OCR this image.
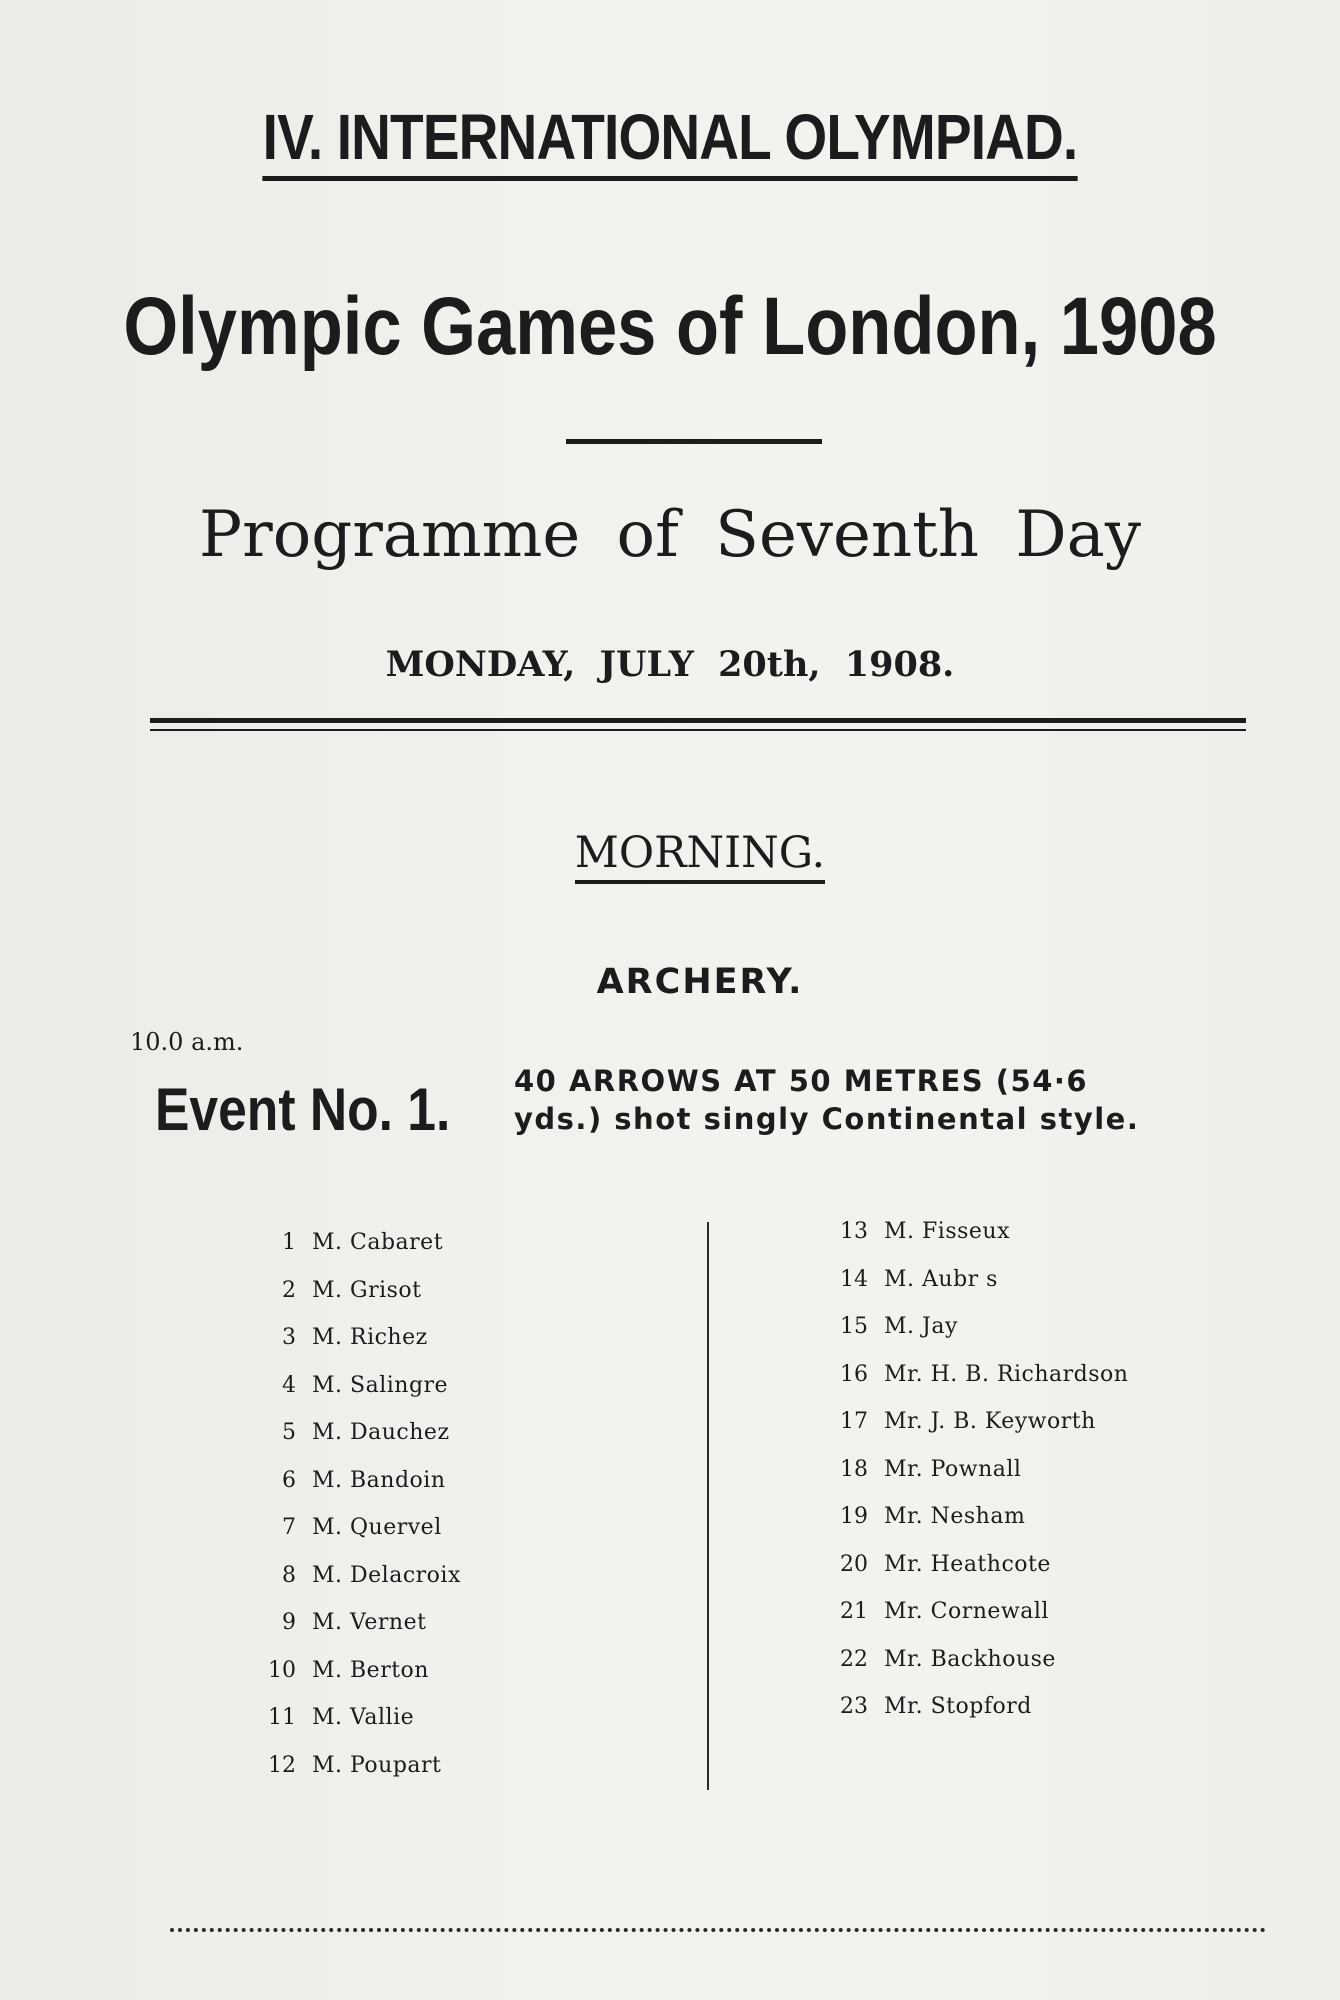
IV. INTERNATIONAL OLYMPIAD.
Olympic Games of London, 1908
Programme of Seventh Day
MONDAY, JULY 20th, 1908.
MORNING.
ARCHERY.
10.0 a.m.
Event No. 1. 40 ARROWS AT 50 METRES (54·6
yds.) shot singly Continental style.
1 M. Cabaret
2 M. Grisot
3 M. Richez
4 M. Salingre
5 M. Dauchez
6 M. Bandoin
7 M. Quervel
8 M. Delacroix
9 M. Vernet
10 M. Berton
11 M. Vallie
12 M. Poupart
13 M. Fisseux
14 M. Aubr s
15 M. Jay
16 Mr. H. B. Richardson
17 Mr. J. B. Keyworth
18 Mr. Pownall
19 Mr. Nesham
20 Mr. Heathcote
21 Mr. Cornewall
22 Mr. Backhouse
23 Mr. Stopford
